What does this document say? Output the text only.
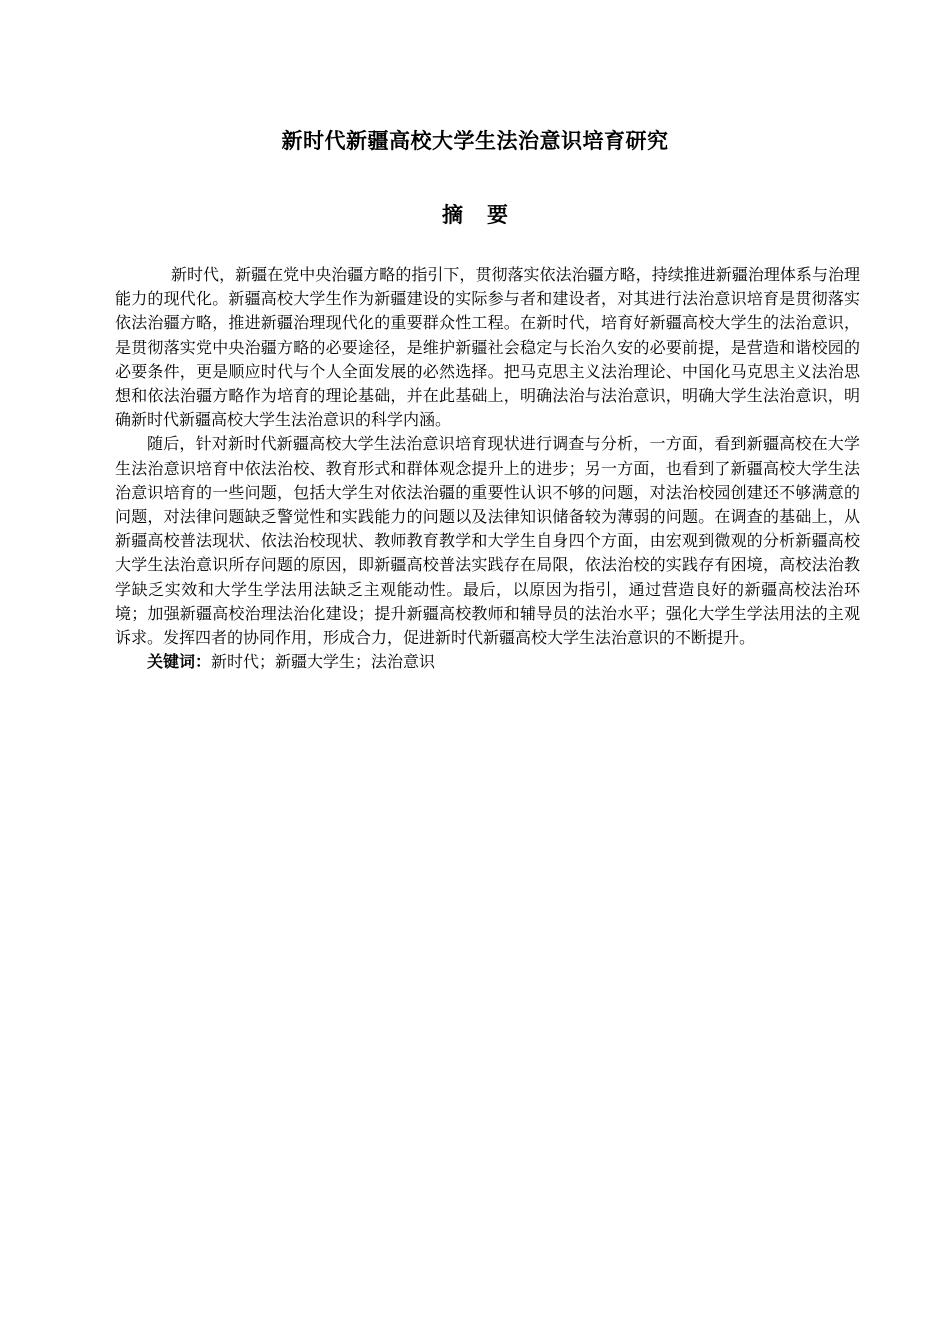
新时代新疆高校大学生法治意识培育研究
摘要

新时代，新疆在党中央治疆方略的指引下，贯彻落实依法治疆方略，持续推进新疆治理体系与治理能力的现代化。新疆高校大学生作为新疆建设的实际参与者和建设者，对其进行法治意识培育是贯彻落实依法治疆方略，推进新疆治理现代化的重要群众性工程。在新时代，培育好新疆高校大学生的法治意识，是贯彻落实党中央治疆方略的必要途径，是维护新疆社会稳定与长治久安的必要前提，是营造和谐校园的必要条件，更是顺应时代与个人全面发展的必然选择。把马克思主义法治理论、中国化马克思主义法治思想和依法治疆方略作为培育的理论基础，并在此基础上，明确法治与法治意识，明确大学生法治意识，明确新时代新疆高校大学生法治意识的科学内涵。

随后，针对新时代新疆高校大学生法治意识培育现状进行调查与分析，一方面，看到新疆高校在大学生法治意识培育中依法治校、教育形式和群体观念提升上的进步；另一方面，也看到了新疆高校大学生法治意识培育的一些问题，包括大学生对依法治疆的重要性认识不够的问题，对法治校园创建还不够满意的问题，对法律问题缺乏警觉性和实践能力的问题以及法律知识储备较为薄弱的问题。在调查的基础上，从新疆高校普法现状、依法治校现状、教师教育教学和大学生自身四个方面，由宏观到微观的分析新疆高校大学生法治意识所存问题的原因，即新疆高校普法实践存在局限，依法治校的实践存有困境，高校法治教学缺乏实效和大学生学法用法缺乏主观能动性。最后，以原因为指引，通过营造良好的新疆高校法治环境；加强新疆高校治理法治化建设；提升新疆高校教师和辅导员的法治水平；强化大学生学法用法的主观诉求。发挥四者的协同作用，形成合力，促进新时代新疆高校大学生法治意识的不断提升。

关键词：新时代；新疆大学生；法治意识
